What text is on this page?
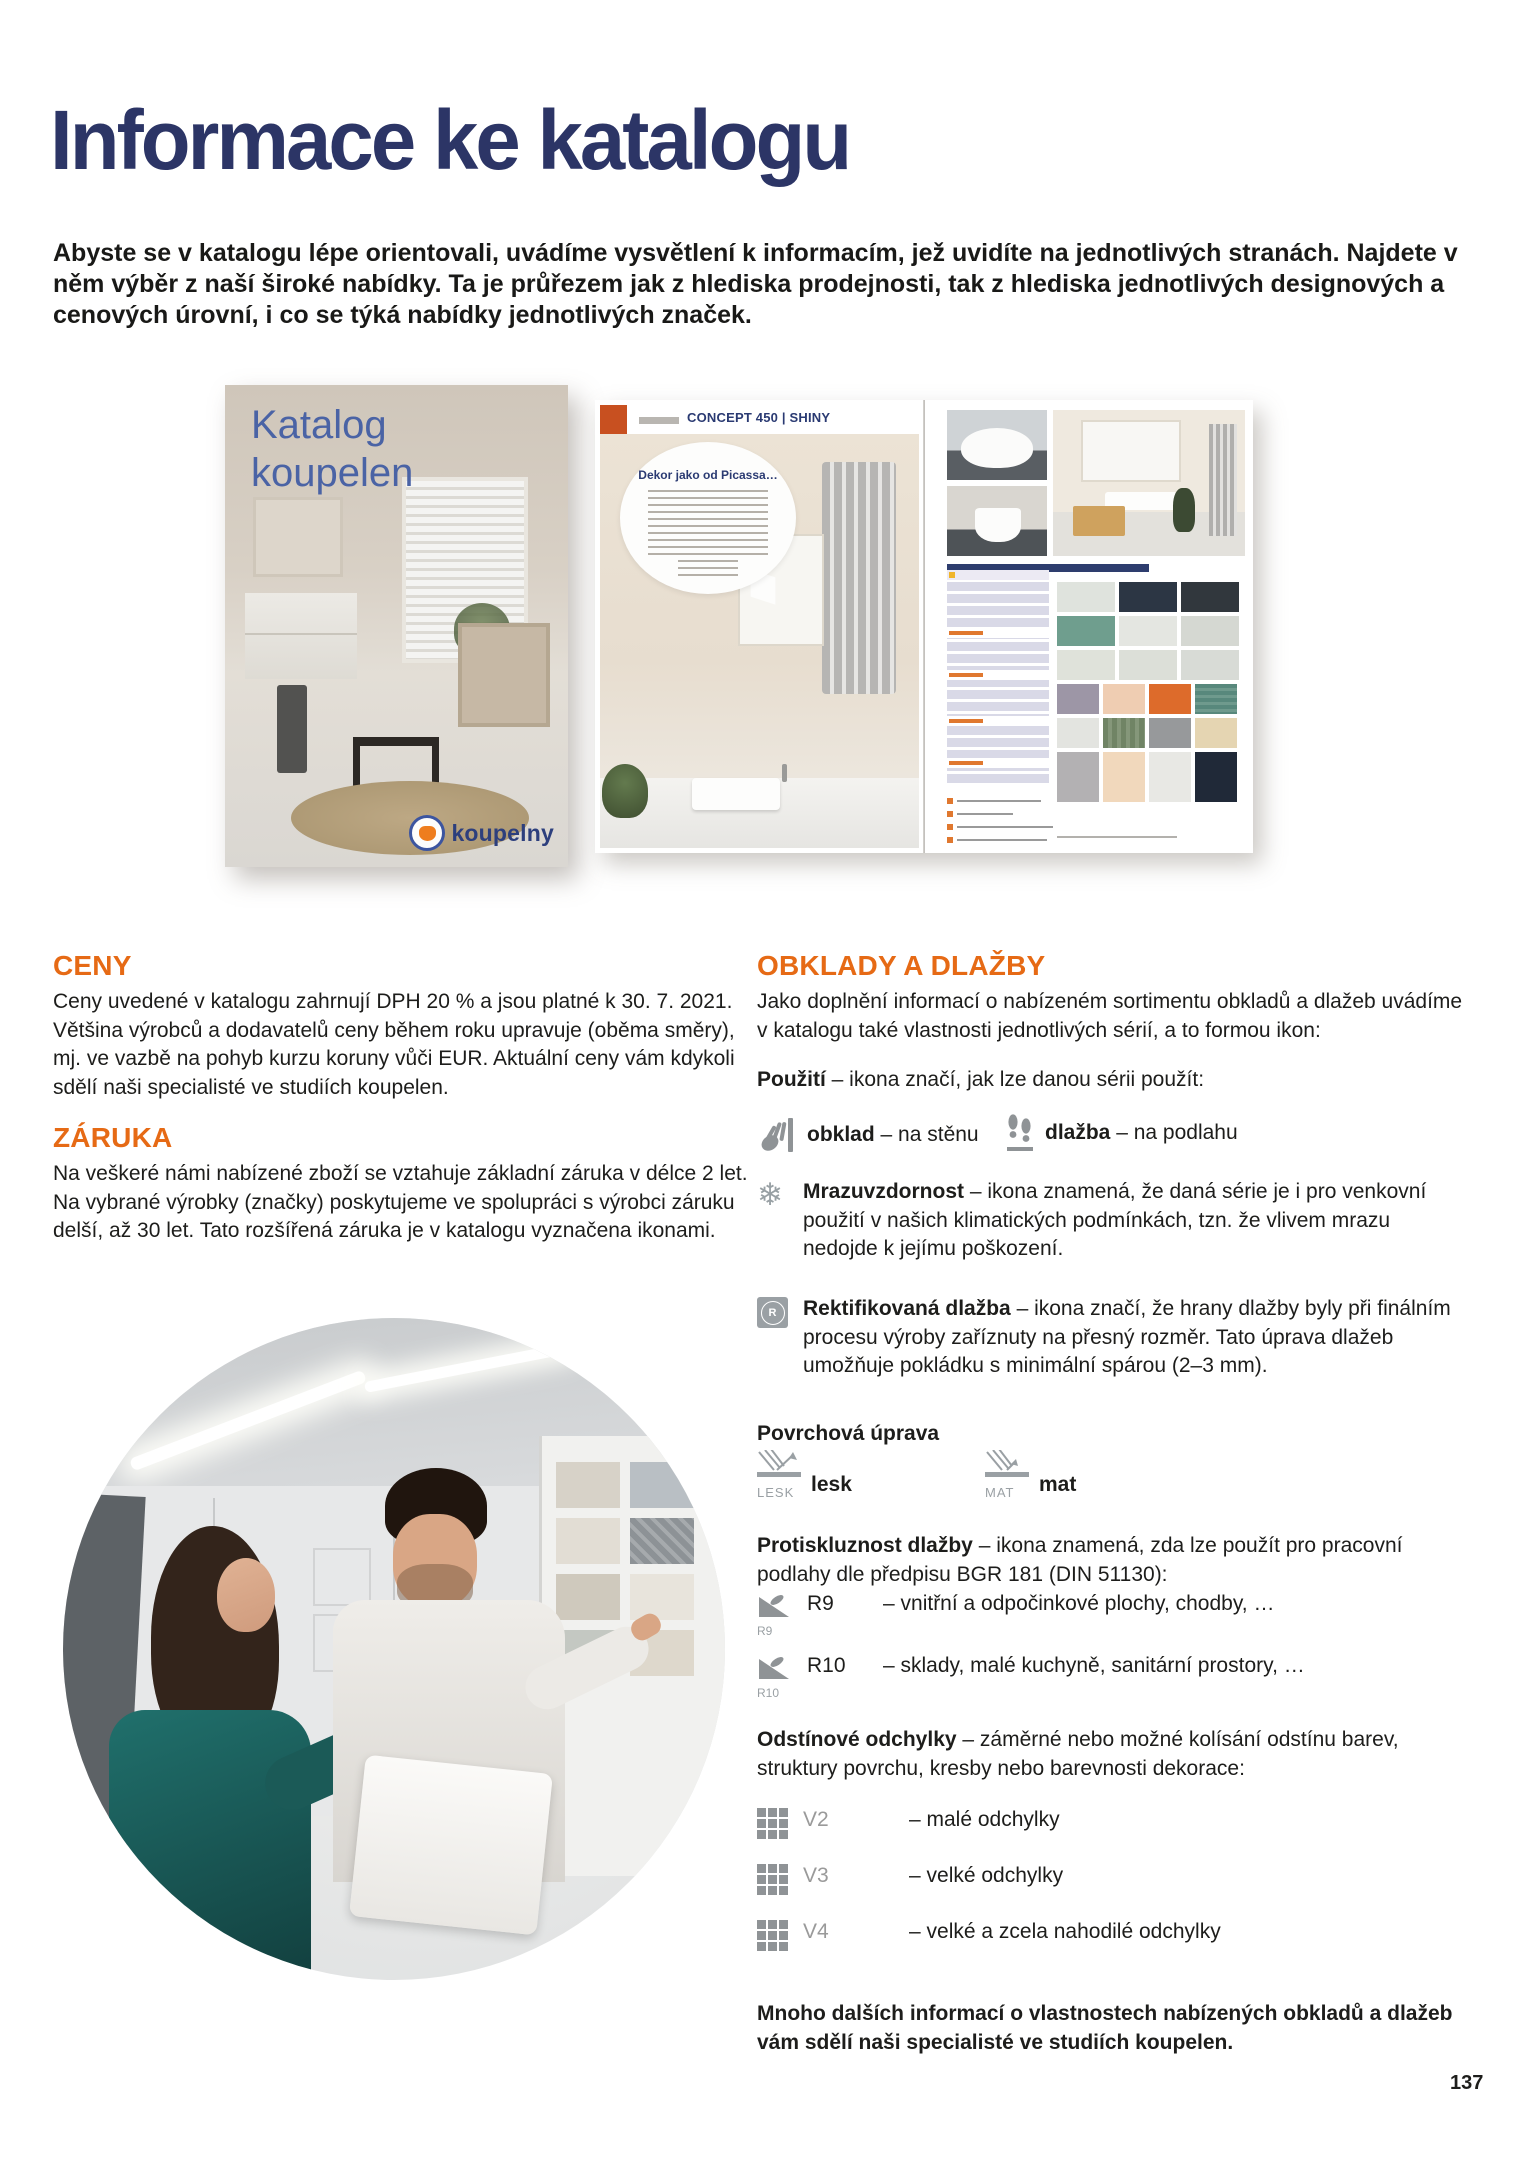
Informace ke katalogu
Abyste se v katalogu lépe orientovali, uvádíme vysvětlení k informacím, jež uvidíte na jednotlivých stranách. Najdete v něm výběr z naší široké nabídky. Ta je průřezem jak z hlediska prodejnosti, tak z hlediska jednotlivých designových a cenových úrovní, i co se týká nabídky jednotlivých značek.
Katalog
koupelen
koupelny
CONCEPT 450 | SHINY
Dekor jako od Picassa…
CENY
Ceny uvedené v katalogu zahrnují DPH 20 % a jsou platné k 30. 7. 2021. Většina výrobců a dodavatelů ceny během roku upravuje (oběma směry), mj. ve vazbě na pohyb kurzu koruny vůči EUR. Aktuální ceny vám kdykoli sdělí naši specialisté ve studiích koupelen.
ZÁRUKA
Na veškeré námi nabízené zboží se vztahuje základní záruka v délce 2 let. Na vybrané výrobky (značky) poskytujeme ve spolupráci s výrobci záruku delší, až 30 let. Tato rozšířená záruka je v katalogu vyznačena ikonami.
OBKLADY A DLAŽBY
Jako doplnění informací o nabízeném sortimentu obkladů a dlažeb uvádíme v katalogu také vlastnosti jednotlivých sérií, a to formou ikon:
Použití – ikona značí, jak lze danou sérii použít:
obklad – na stěnu	dlažba – na podlahu
❄ Mrazuvzdornost – ikona znamená, že daná série je i pro venkovní použití v našich klimatických podmínkách, tzn. že vlivem mrazu nedojde k jejímu poškození.
R	Rektifikovaná dlažba – ikona značí, že hrany dlažby byly při finálním procesu výroby zaříznuty na přesný rozměr. Tato úprava dlažeb umožňuje pokládku s minimální spárou (2–3 mm).
Povrchová úprava
LESK lesk	MAT	mat
Protiskluznost dlažby – ikona znamená, zda lze použít pro pracovní podlahy dle předpisu BGR 181 (DIN 51130):
R9
R9	– vnitřní a odpočinkové plochy, chodby, …
R10
R10	– sklady, malé kuchyně, sanitární prostory, …
Odstínové odchylky – záměrné nebo možné kolísání odstínu barev, struktury povrchu, kresby nebo barevnosti dekorace:
V2	– malé odchylky
V3	– velké odchylky
V4	– velké a zcela nahodilé odchylky
Mnoho dalších informací o vlastnostech nabízených obkladů a dlažeb vám sdělí naši specialisté ve studiích koupelen.
137
